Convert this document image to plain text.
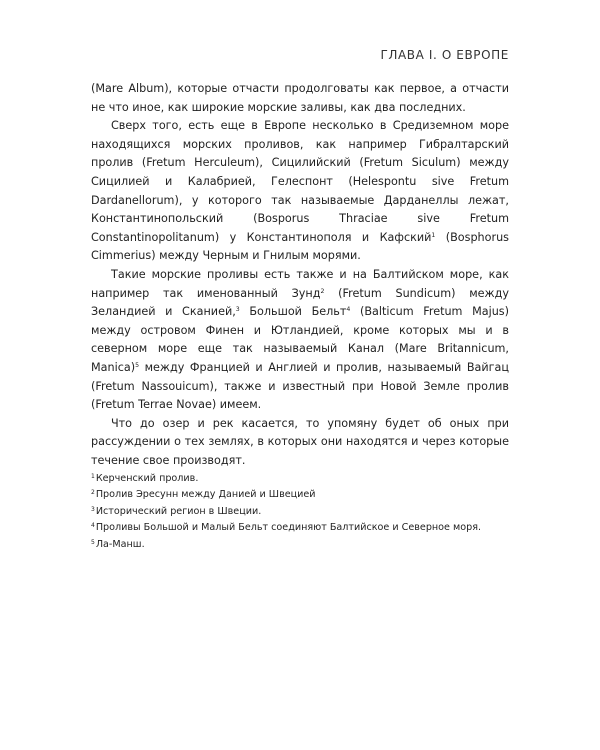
ГЛАВА I. О ЕВРОПЕ

(Mare Album), которые отчасти продолговаты как первое, а отчасти не что иное, как широкие морские заливы, как два последних.

Сверх того, есть еще в Европе несколько в Средиземном море находящихся морских проливов, как например Гибралтарский пролив (Fretum Herculeum), Сицилийский (Fretum Siculum) между Сицилией и Калабрией, Гелеспонт (Helespontu sive Fretum Dardanellorum), у которого так называемые Дарданеллы лежат, Константинопольский (Bosporus Thraciae sive Fretum Constantinopolitanum) у Константинополя и Кафский$^1$ (Bosphorus Cimmerius) между Черным и Гнилым морями.

Такие морские проливы есть также и на Балтийском море, как например так именованный Зунд$^2$ (Fretum Sundicum) между Зеландией и Сканией,$^3$ Большой Бельт$^4$ (Balticum Fretum Majus) между островом Финен и Ютландией, кроме которых мы и в северном море еще так называемый Канал (Mare Britannicum, Manica)$^5$ между Францией и Англией и пролив, называемый Вайгац (Fretum Nassouicum), также и известный при Новой Земле пролив (Fretum Terrae Novae) имеем.

Что до озер и рек касается, то упомяну будет об оных при рассуждении о тех землях, в которых они находятся и через которые течение свое производят.

$^1$Керченский пролив.

$^2$Пролив Эресунн между Данией и Швецией

$^3$Исторический регион в Швеции.

$^4$Проливы Большой и Малый Бельт соединяют Балтийское и Северное моря.

$^5$Ла-Манш.
